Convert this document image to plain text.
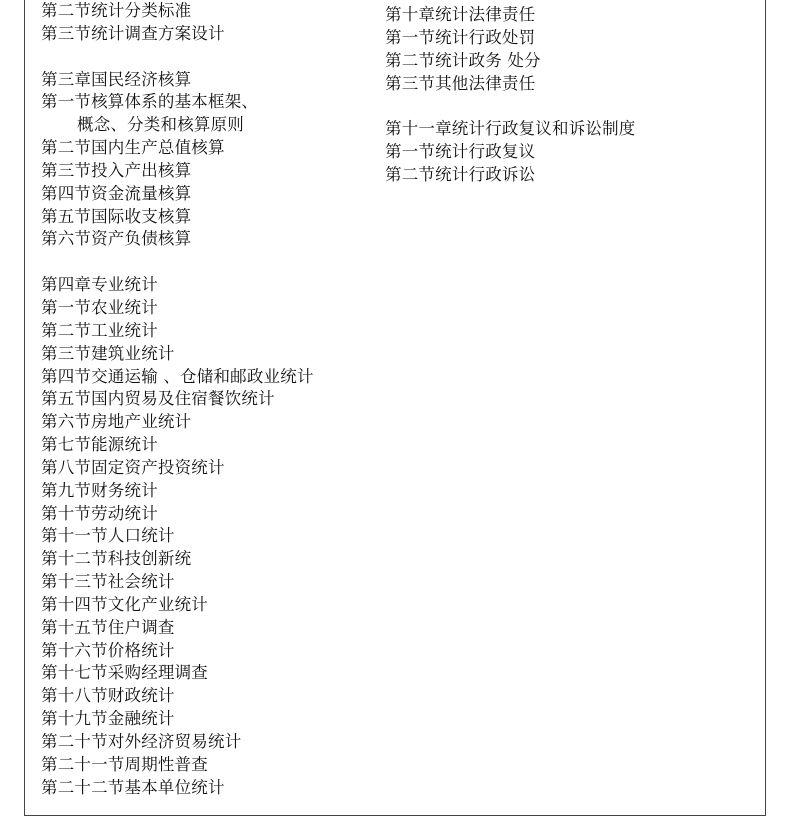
第二节统计分类标准
第三节统计调查方案设计
第三章国民经济核算
第一节核算体系的基本框架、
概念、分类和核算原则
第二节国内生产总值核算
第三节投入产出核算
第四节资金流量核算
第五节国际收支核算
第六节资产负债核算
第四章专业统计
第一节农业统计
第二节工业统计
第三节建筑业统计
第四节交通运输 、仓储和邮政业统计
第五节国内贸易及住宿餐饮统计
第六节房地产业统计
第七节能源统计
第八节固定资产投资统计
第九节财务统计
第十节劳动统计
第十一节人口统计
第十二节科技创新统
第十三节社会统计
第十四节文化产业统计
第十五节住户调查
第十六节价格统计
第十七节采购经理调查
第十八节财政统计
第十九节金融统计
第二十节对外经济贸易统计
第二十一节周期性普查
第二十二节基本单位统计
第十章统计法律责任
第一节统计行政处罚
第二节统计政务 处分
第三节其他法律责任
第十一章统计行政复议和诉讼制度
第一节统计行政复议
第二节统计行政诉讼
